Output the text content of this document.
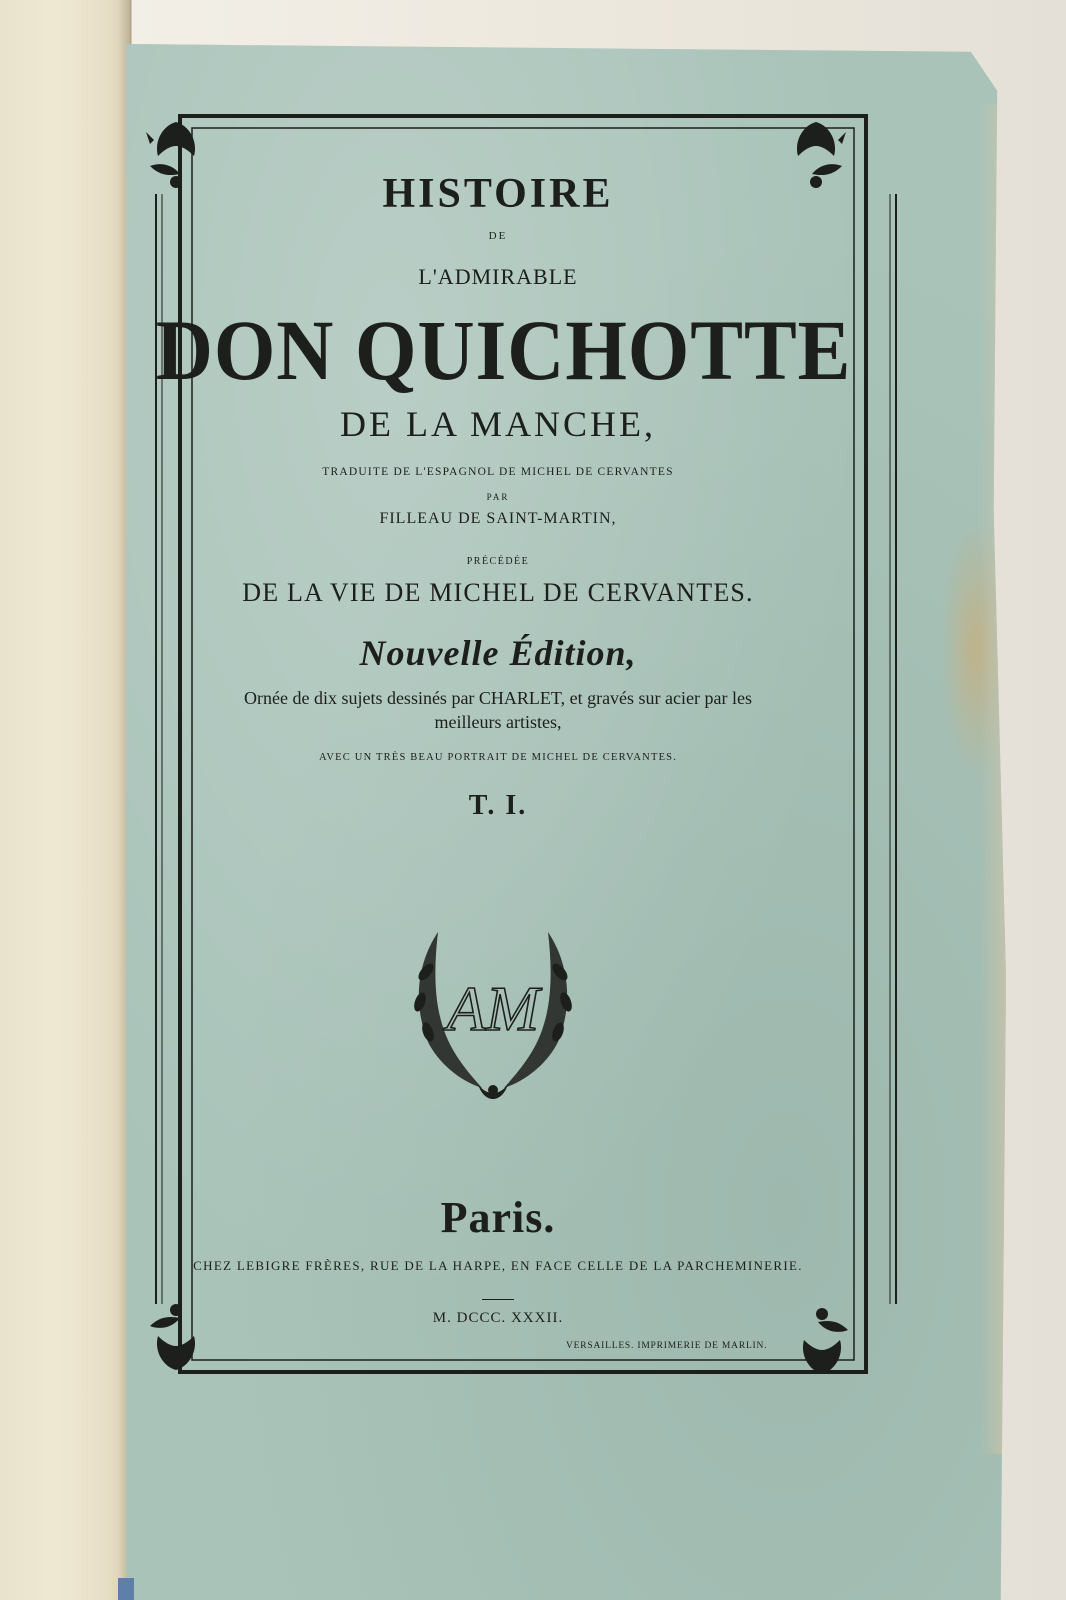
HISTOIRE
DE
L'ADMIRABLE
DON QUICHOTTE
DE LA MANCHE,
TRADUITE DE L'ESPAGNOL DE MICHEL DE CERVANTES
PAR
FILLEAU DE SAINT-MARTIN,
PRÉCÉDÉE
DE LA VIE DE MICHEL DE CERVANTES.
Nouvelle Édition,
Ornée de dix sujets dessinés par CHARLET, et gravés sur acier par les
meilleurs artistes,
AVEC UN TRÈS BEAU PORTRAIT DE MICHEL DE CERVANTES.
T. I.
AM
Paris.
CHEZ LEBIGRE FRÈRES, RUE DE LA HARPE, EN FACE CELLE DE LA PARCHEMINERIE.
M. DCCC. XXXII.
VERSAILLES. IMPRIMERIE DE MARLIN.
